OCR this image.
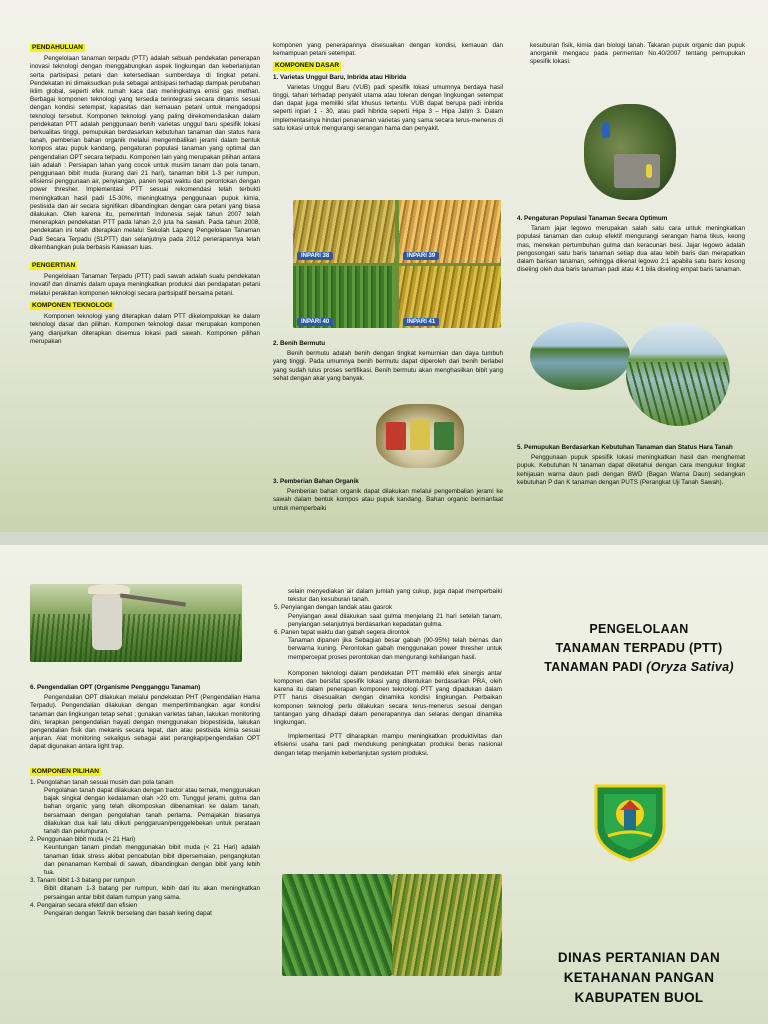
PENDAHULUAN

Pengelolaan tanaman terpadu (PTT) adalah sebuah pendekatan penerapan inovasi teknologi dengan menggabungkan aspek lingkungan dan keberlanjutan serta partisipasi petani dan ketersediaan sumberdaya di tingkat petani. Pendekatan ini dimaksudkan pula sebagai antisipasi terhadap dampak perubahan iklim global, seperti efek rumah kaca dan meningkatnya emisi gas methan. Berbagai komponen teknologi yang tersedia terintegrasi secara dinamis sesuai dengan kondisi setempat, kapasitas dan kemauan petani untuk mengadopsi teknologi tersebut. Komponen teknologi yang paling direkomendasikan dalam pendekatan PTT adalah penggunaan benih varietas unggul baru spesifik lokasi berkualitas tinggi, pemupukan berdasarkan kebutuhan tanaman dan status hara tanah, pemberian bahan organik melalui mengembalikan jerami dalam bentuk kompos atau pupuk kandang, pengaturan populasi tanaman yang optimal dan pengendalian OPT secara terpadu. Komponen lain yang merupakan pilihan antara lain adalah : Persiapan lahan yang cocok untuk musim tanam dan pola tanam, penggunaan bibit muda (kurang dari 21 hari), tanaman bibit 1-3 per rumpun, efisiensi penggunaan air, penyiangan, panen tepat waktu dan perontokan dengan power thresher. Implementasi PTT sesuai rekomendasi telah terbukti meningkatkan hasil padi 15-30%, meningkatnya penggunaan pupuk kimia, pestisida dan air secara signifikan dibandingkan dengan cara petani yang biasa dilakukan. Oleh karena itu, pemerintah Indonesia sejak tahun 2007 telah menerapkan pendekatan PTT pada lahan 2,0 juta ha sawah. Pada tahun 2008, pendekatan ini telah diterapkan melalui Sekolah Lapang Pengelolaan Tanaman Padi Secara Terpadu (SLPTT) dan selanjutnya pada 2012 penerapannya telah dikembangkan pula berbasis Kawasan luas.

PENGERTIAN

Pengelolaan Tanaman Terpadu (PTT) padi sawah adalah suatu pendekatan inovatif dan dinamis dalam upaya meningkatkan produksi dan pendapatan petani melalui perakitan komponen teknologi secara partisipatif bersama petani.

KOMPONEN TEKNOLOGI

Komponen teknologi yang diterapkan dalam PTT dikelompokkan ke dalam teknologi dasar dan pilihan. Komponen teknologi dasar merupakan komponen yang dianjurkan diterapkan disemua lokasi padi sawah. Komponen pilihan merupakan

komponen yang penerapannya disesuaikan dengan kondisi, kemauan dan kemampuan petani setempat.

KOMPONEN DASAR
1. Varietas Unggul Baru, Inbrida atau Hibrida

Varietas Unggul Baru (VUB) padi spesifik lokasi umumnya berdaya hasil tinggi, tahan terhadap penyakit utama atau toleran dengan lingkungan setempat dan dapat juga memiliki sifat khusus tertentu. VUB dapat berupa padi inbrida seperti inpari 1 - 30, atau padi hibrida seperti Hipa 3 – Hipa Jatim 3. Dalam implementasinya hindari penanaman varietas yang sama secara terus-menerus di satu lokasi untuk mengurangi serangan hama dan penyakit.

INPARI 38	INPARI 39
INPARI 40	INPARI 41
2. Benih Bermutu

Benih bermutu adalah benih dengan tingkat kemurnian dan daya tumbuh yang tinggi. Pada umumnya benih bermutu dapat diperoleh dari benih berlabel yang sudah lulus proses sertifikasi. Benih bermutu akan menghasilkan bibit yang sehat dengan akar yang banyak.

3. Pemberian Bahan Organik

Pemberian bahan organik dapat dilakukan melalui pengembalian jerami ke sawah dalam bentuk kompos atau pupuk kandang. Bahan organic bermanfaat untuk memperbaiki

kesuburan fisik, kimia dan biologi tanah. Takaran pupuk organic dan pupuk anorganik mengacu pada permentan No.40/2007 tentang pemupukan spesifik lokasi.

4. Pengaturan Populasi Tanaman Secara Optimum

Tanam jajar legowo merupakan salah satu cara untuk meningkatkan populasi tanaman dan cukup efektif mengurangi serangan hama tikus, keong mas, menekan pertumbuhan gulma dan keracunan besi. Jajar legowo adalah pengosongan satu baris tanaman setiap dua atau lebih baris dan merapatkan dalam barisan tanaman, sehingga dikenal legowo 2:1 apabila satu baris kosong diseling oleh dua baris tanaman padi atau 4:1 bila diseling empat baris tanaman.

5. Pemupukan Berdasarkan Kebutuhan Tanaman dan Status Hara Tanah

Penggunaan pupuk spesifik lokasi meningkatkan hasil dan menghemat pupuk. Kebutuhan N tanaman dapat diketahui dengan cara mengukur tingkat kehijauan warna daun padi dengan BWD (Bagan Warna Daun) sedangkan kebutuhan P dan K tanaman dengan PUTS (Perangkat Uji Tanah Sawah).

6. Pengendalian OPT (Organisme Pengganggu Tanaman)

Pengendalian OPT dilakukan melalui pendekatan PHT (Pengendalian Hama Terpadu). Pengendalian dilakukan dengan mempertimbangkan agar kondisi tanaman dan lingkungan tetap sehat ; gunakan varietas tahan, lakukan monitoring dini, terapkan pengendalian hayati dengan menggunakan biopestisida, lakukan pengendalian fisik dan mekanis secara tepat, dan atau pestisida kimia sesuai anjuran. Alat monitoring sekaligus sebagai alat perangkap/pengendalian OPT dapat digunakan antara light trap.

KOMPONEN PILIHAN
1. Pengolahan tanah sesuai musim dan pola tanam
Pengolahan tanah dapat dilakukan dengan tractor atau ternak, menggunakan bajak singkal dengan kedalaman olah >20 cm. Tunggul jerami, gulma dan bahan organic yang telah dikomposkan dibenamkan ke dalam tanah, bersamaan dengan pengolahan tanah pertama. Pemajakan biasanya dilakukan dua kali lalu diikuti penggaruan/penggelebekan untuk perataan tanah dan pelumpuran.
2. Penggunaan bibit muda (< 21 Hari)
Keuntungan tanam pindah menggunakan bibit muda (< 21 Hari) adalah tanaman tidak stress akibat pencabutan bibit dipersemaian, pengangkutan dan penanaman Kembali di sawah, dibandingkan dengan bibit yang lebih tua.
3. Tanam bibit 1-3 batang per rumpun
Bibit ditanam 1-3 batang per rumpun, lebih dari itu akan meningkatkan persaingan antar bibit dalam rumpun yang sama.
4. Pengairan secara efektif dan efisien
Pengairan dengan Teknik berselang dan basah kering dapat
selain menyediakan air dalam jumlah yang cukup, juga dapat memperbaiki tekstur dan kesuburan tanah.
5. Penyiangan dengan landak atau gasrok
Penyiangan awal dilakukan saat gulma menjelang 21 hari setelah tanam, penyiangan selanjutnya berdasarkan kepadatan gulma.
6. Panen tepat waktu dan gabah segera dirontok
Tanaman dipanen jika Sebagian besar gabah (90-95%) telah bernas dan berwarna kuning. Perontokan gabah menggunakan power thresher untuk mempercepat proses perontokan dan mengurangi kehilangan hasil.

Komponen teknologi dalam pendekatan PTT memiliki efek sinergis antar komponen dan bersifat spesifik lokasi yang ditentukan berdasarkan PRA, oleh karena itu dalam penerapan komponen teknologi PTT yang dipadukan dalam PTT harus disesuaikan dengan dinamika kondisi lingkungan. Perbaikan komponen teknologi perlu dilakukan secara terus-menerus sesuai dengan tantangan yang dihadapi dalam penerapannya dan selaras dengan dinamika lingkungan.

Implementasi PTT diharapkan mampu meningkatkan produktivitas dan efisiensi usaha tani padi mendukung peningkatan produksi beras nasional dengan tetap menjamin keberlanjutan system produksi.

PENGELOLAAN
TANAMAN TERPADU (PTT)
TANAMAN PADI (Oryza Sativa)
DINAS PERTANIAN DAN
KETAHANAN PANGAN
KABUPATEN BUOL
